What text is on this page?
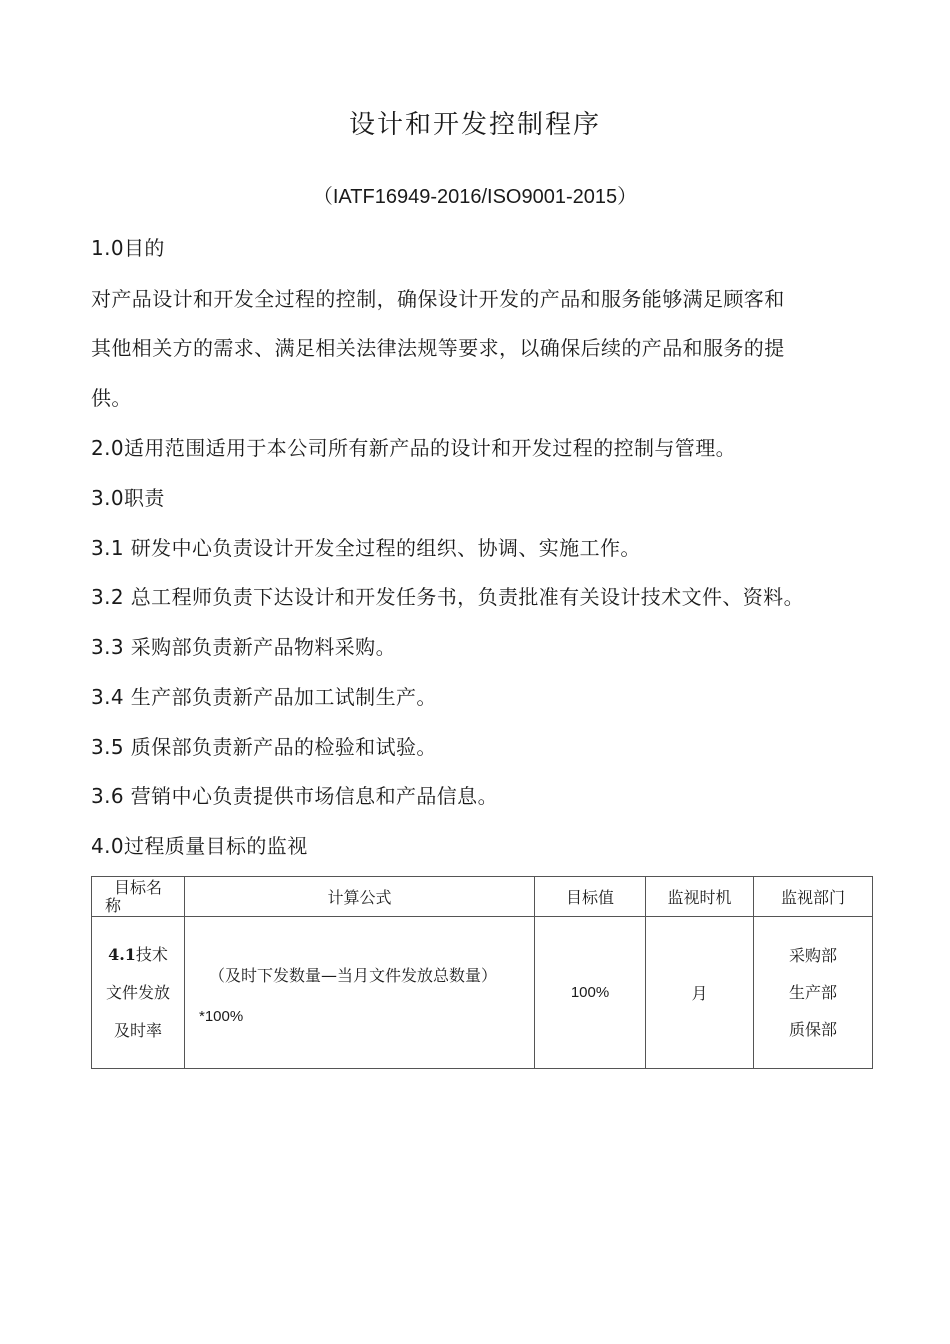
设计和开发控制程序
（IATF16949-2016/ISO9001-2015）
1.0目的
对产品设计和开发全过程的控制，确保设计开发的产品和服务能够满足顾客和
其他相关方的需求、满足相关法律法规等要求，以确保后续的产品和服务的提
供。
2.0适用范围适用于本公司所有新产品的设计和开发过程的控制与管理。
3.0职责
3.1 研发中心负责设计开发全过程的组织、协调、实施工作。
3.2 总工程师负责下达设计和开发任务书，负责批准有关设计技术文件、资料。
3.3 采购部负责新产品物料采购。
3.4 生产部负责新产品加工试制生产。
3.5 质保部负责新产品的检验和试验。
3.6 营销中心负责提供市场信息和产品信息。
4.0过程质量目标的监视
目标名
称	计算公式	目标值	监视时机	监视部门
4.1技术
文件发放
及时率	（及时下发数量—当月文件发放总数量）
*100%	100%	月	采购部
生产部
质保部
